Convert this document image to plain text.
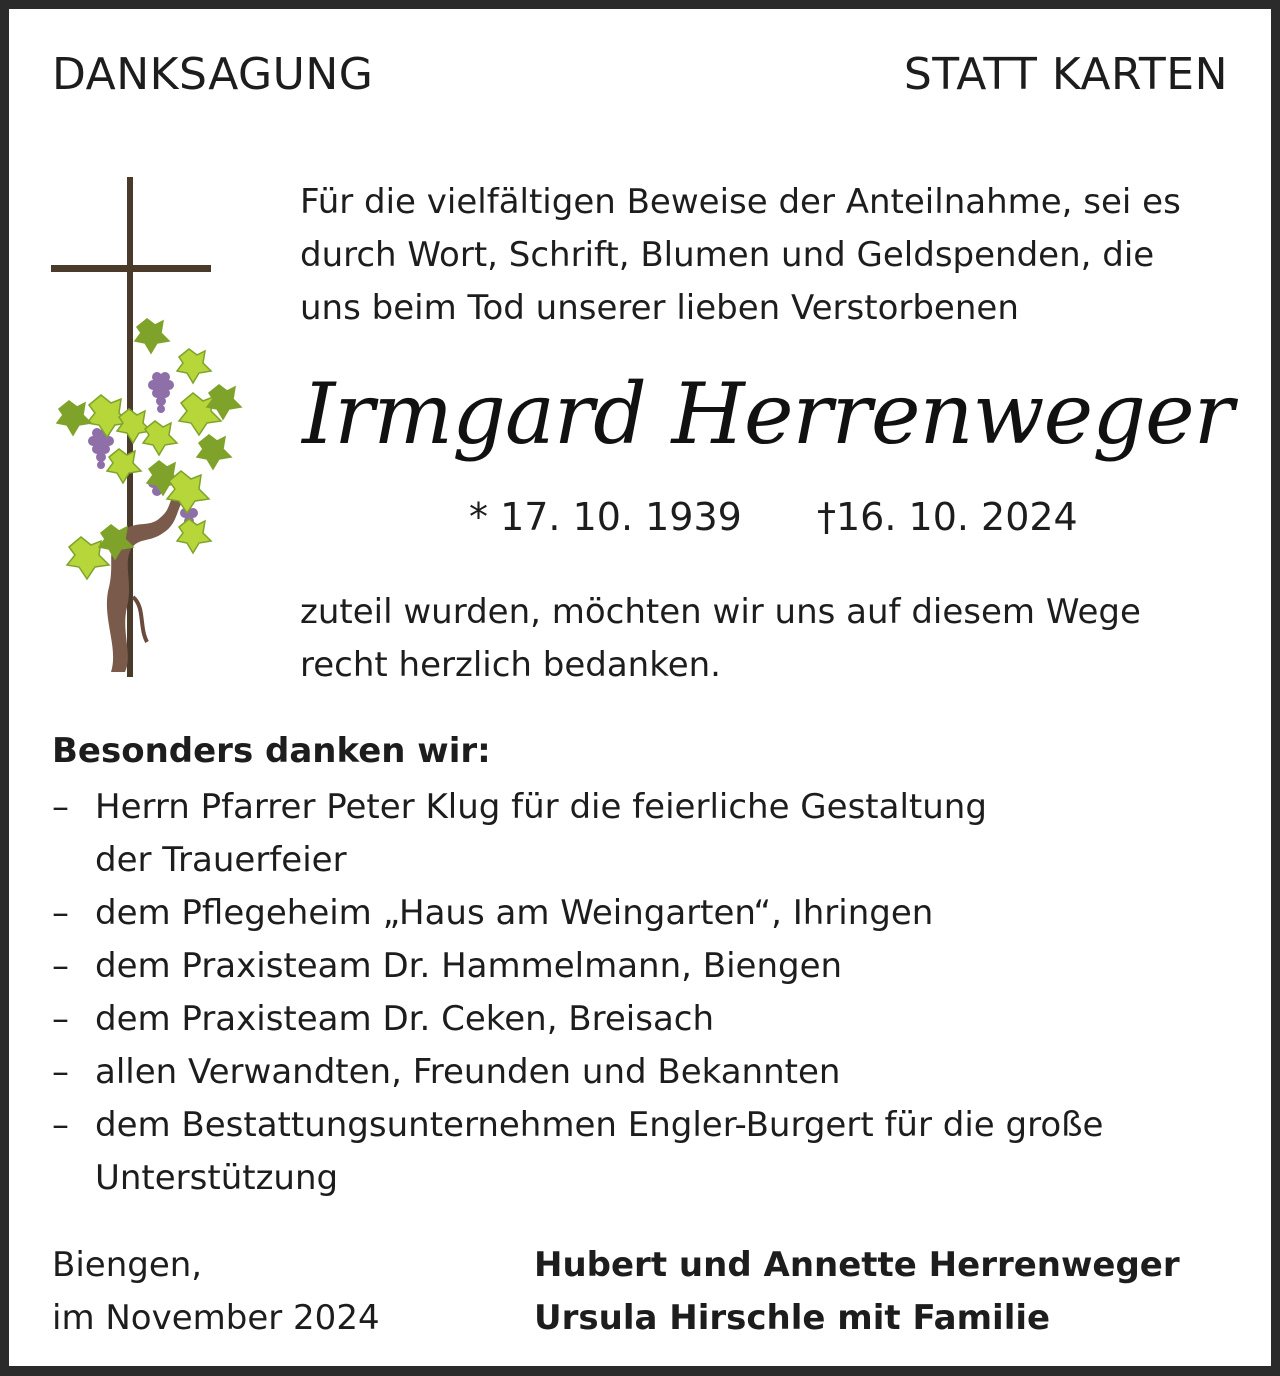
DANKSAGUNG	STATT KARTEN
Für die vielfältigen Beweise der Anteilnahme, sei es
durch Wort, Schrift, Blumen und Geldspenden, die
uns beim Tod unserer lieben Verstorbenen
Irmgard Herrenweger
* 17. 10. 1939 †16. 10. 2024
zuteil wurden, möchten wir uns auf diesem Wege
recht herzlich bedanken.
Besonders danken wir:
– Herrn Pfarrer Peter Klug für die feierliche Gestaltung
der Trauerfeier
– dem Pflegeheim „Haus am Weingarten“, Ihringen
– dem Praxisteam Dr. Hammelmann, Biengen
– dem Praxisteam Dr. Ceken, Breisach
– allen Verwandten, Freunden und Bekannten
– dem Bestattungsunternehmen Engler-Burgert für die große
Unterstützung
Biengen,
im November 2024
Hubert und Annette Herrenweger
Ursula Hirschle mit Familie
